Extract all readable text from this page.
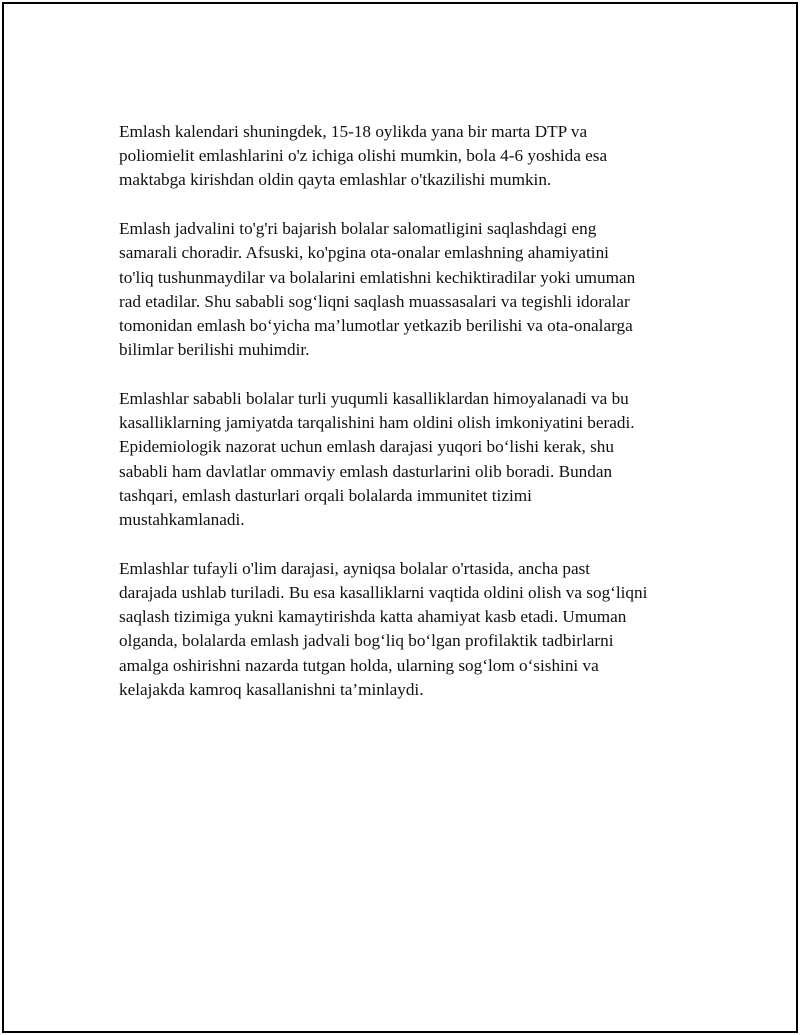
Emlash kalendari shuningdek, 15-18 oylikda yana bir marta DTP va
poliomielit emlashlarini o'z ichiga olishi mumkin, bola 4-6 yoshida esa
maktabga kirishdan oldin qayta emlashlar o'tkazilishi mumkin.

Emlash jadvalini to'g'ri bajarish bolalar salomatligini saqlashdagi eng
samarali choradir. Afsuski, ko'pgina ota-onalar emlashning ahamiyatini
to'liq tushunmaydilar va bolalarini emlatishni kechiktiradilar yoki umuman
rad etadilar. Shu sababli sog‘liqni saqlash muassasalari va tegishli idoralar
tomonidan emlash bo‘yicha ma’lumotlar yetkazib berilishi va ota-onalarga
bilimlar berilishi muhimdir.

Emlashlar sababli bolalar turli yuqumli kasalliklardan himoyalanadi va bu
kasalliklarning jamiyatda tarqalishini ham oldini olish imkoniyatini beradi.
Epidemiologik nazorat uchun emlash darajasi yuqori bo‘lishi kerak, shu
sababli ham davlatlar ommaviy emlash dasturlarini olib boradi. Bundan
tashqari, emlash dasturlari orqali bolalarda immunitet tizimi
mustahkamlanadi.

Emlashlar tufayli o'lim darajasi, ayniqsa bolalar o'rtasida, ancha past
darajada ushlab turiladi. Bu esa kasalliklarni vaqtida oldini olish va sog‘liqni
saqlash tizimiga yukni kamaytirishda katta ahamiyat kasb etadi. Umuman
olganda, bolalarda emlash jadvali bog‘liq bo‘lgan profilaktik tadbirlarni
amalga oshirishni nazarda tutgan holda, ularning sog‘lom o‘sishini va
kelajakda kamroq kasallanishni ta’minlaydi.
